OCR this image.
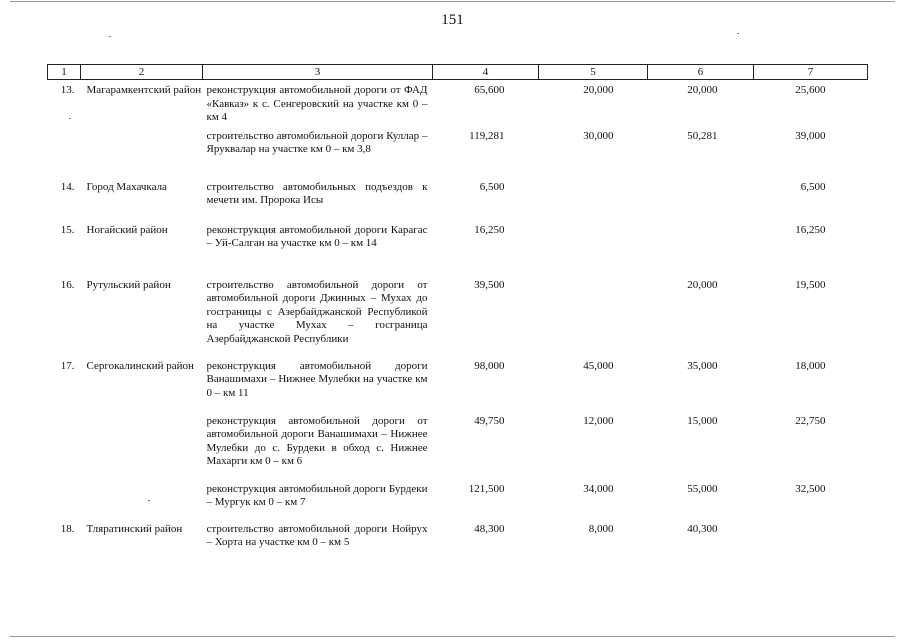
151
1	2	3	4	5	6	7
13.	Магарамкентский район	реконструкция автомобильной дороги от ФАД «Кавказ» к с. Сенгеровский на участке км 0 – км 4	65,600	20,000	20,000	25,600
		строительство автомобильной дороги Куллар – Яруквалар на участке км 0 – км 3,8	119,281	30,000	50,281	39,000
14.	Город Махачкала	строительство автомобильных подъездов к мечети им. Пророка Исы	6,500			6,500
15.	Ногайский район	реконструкция автомобильной дороги Карагас – Уй-Салган на участке км 0 – км 14	16,250			16,250
16.	Рутульский район	строительство автомобильной дороги от автомобильной дороги Джинных – Мухах до госграницы с Азербайджанской Республикой на участке Мухах – госграница Азербайджанской Республики	39,500		20,000	19,500
17.	Сергокалинский район	реконструкция автомобильной дороги Ванашимахи – Нижнее Мулебки на участке км 0 – км 11	98,000	45,000	35,000	18,000
		реконструкция автомобильной дороги от автомобильной дороги Ванашимахи – Нижнее Мулебки до с. Бурдеки в обход с. Нижнее Махарги км 0 – км 6	49,750	12,000	15,000	22,750
		реконструкция автомобильной дороги Бурдеки – Мургук км 0 – км 7	121,500	34,000	55,000	32,500
18.	Тляратинский район	строительство автомобильной дороги Нойрух – Хорта на участке км 0 – км 5	48,300	8,000	40,300	
